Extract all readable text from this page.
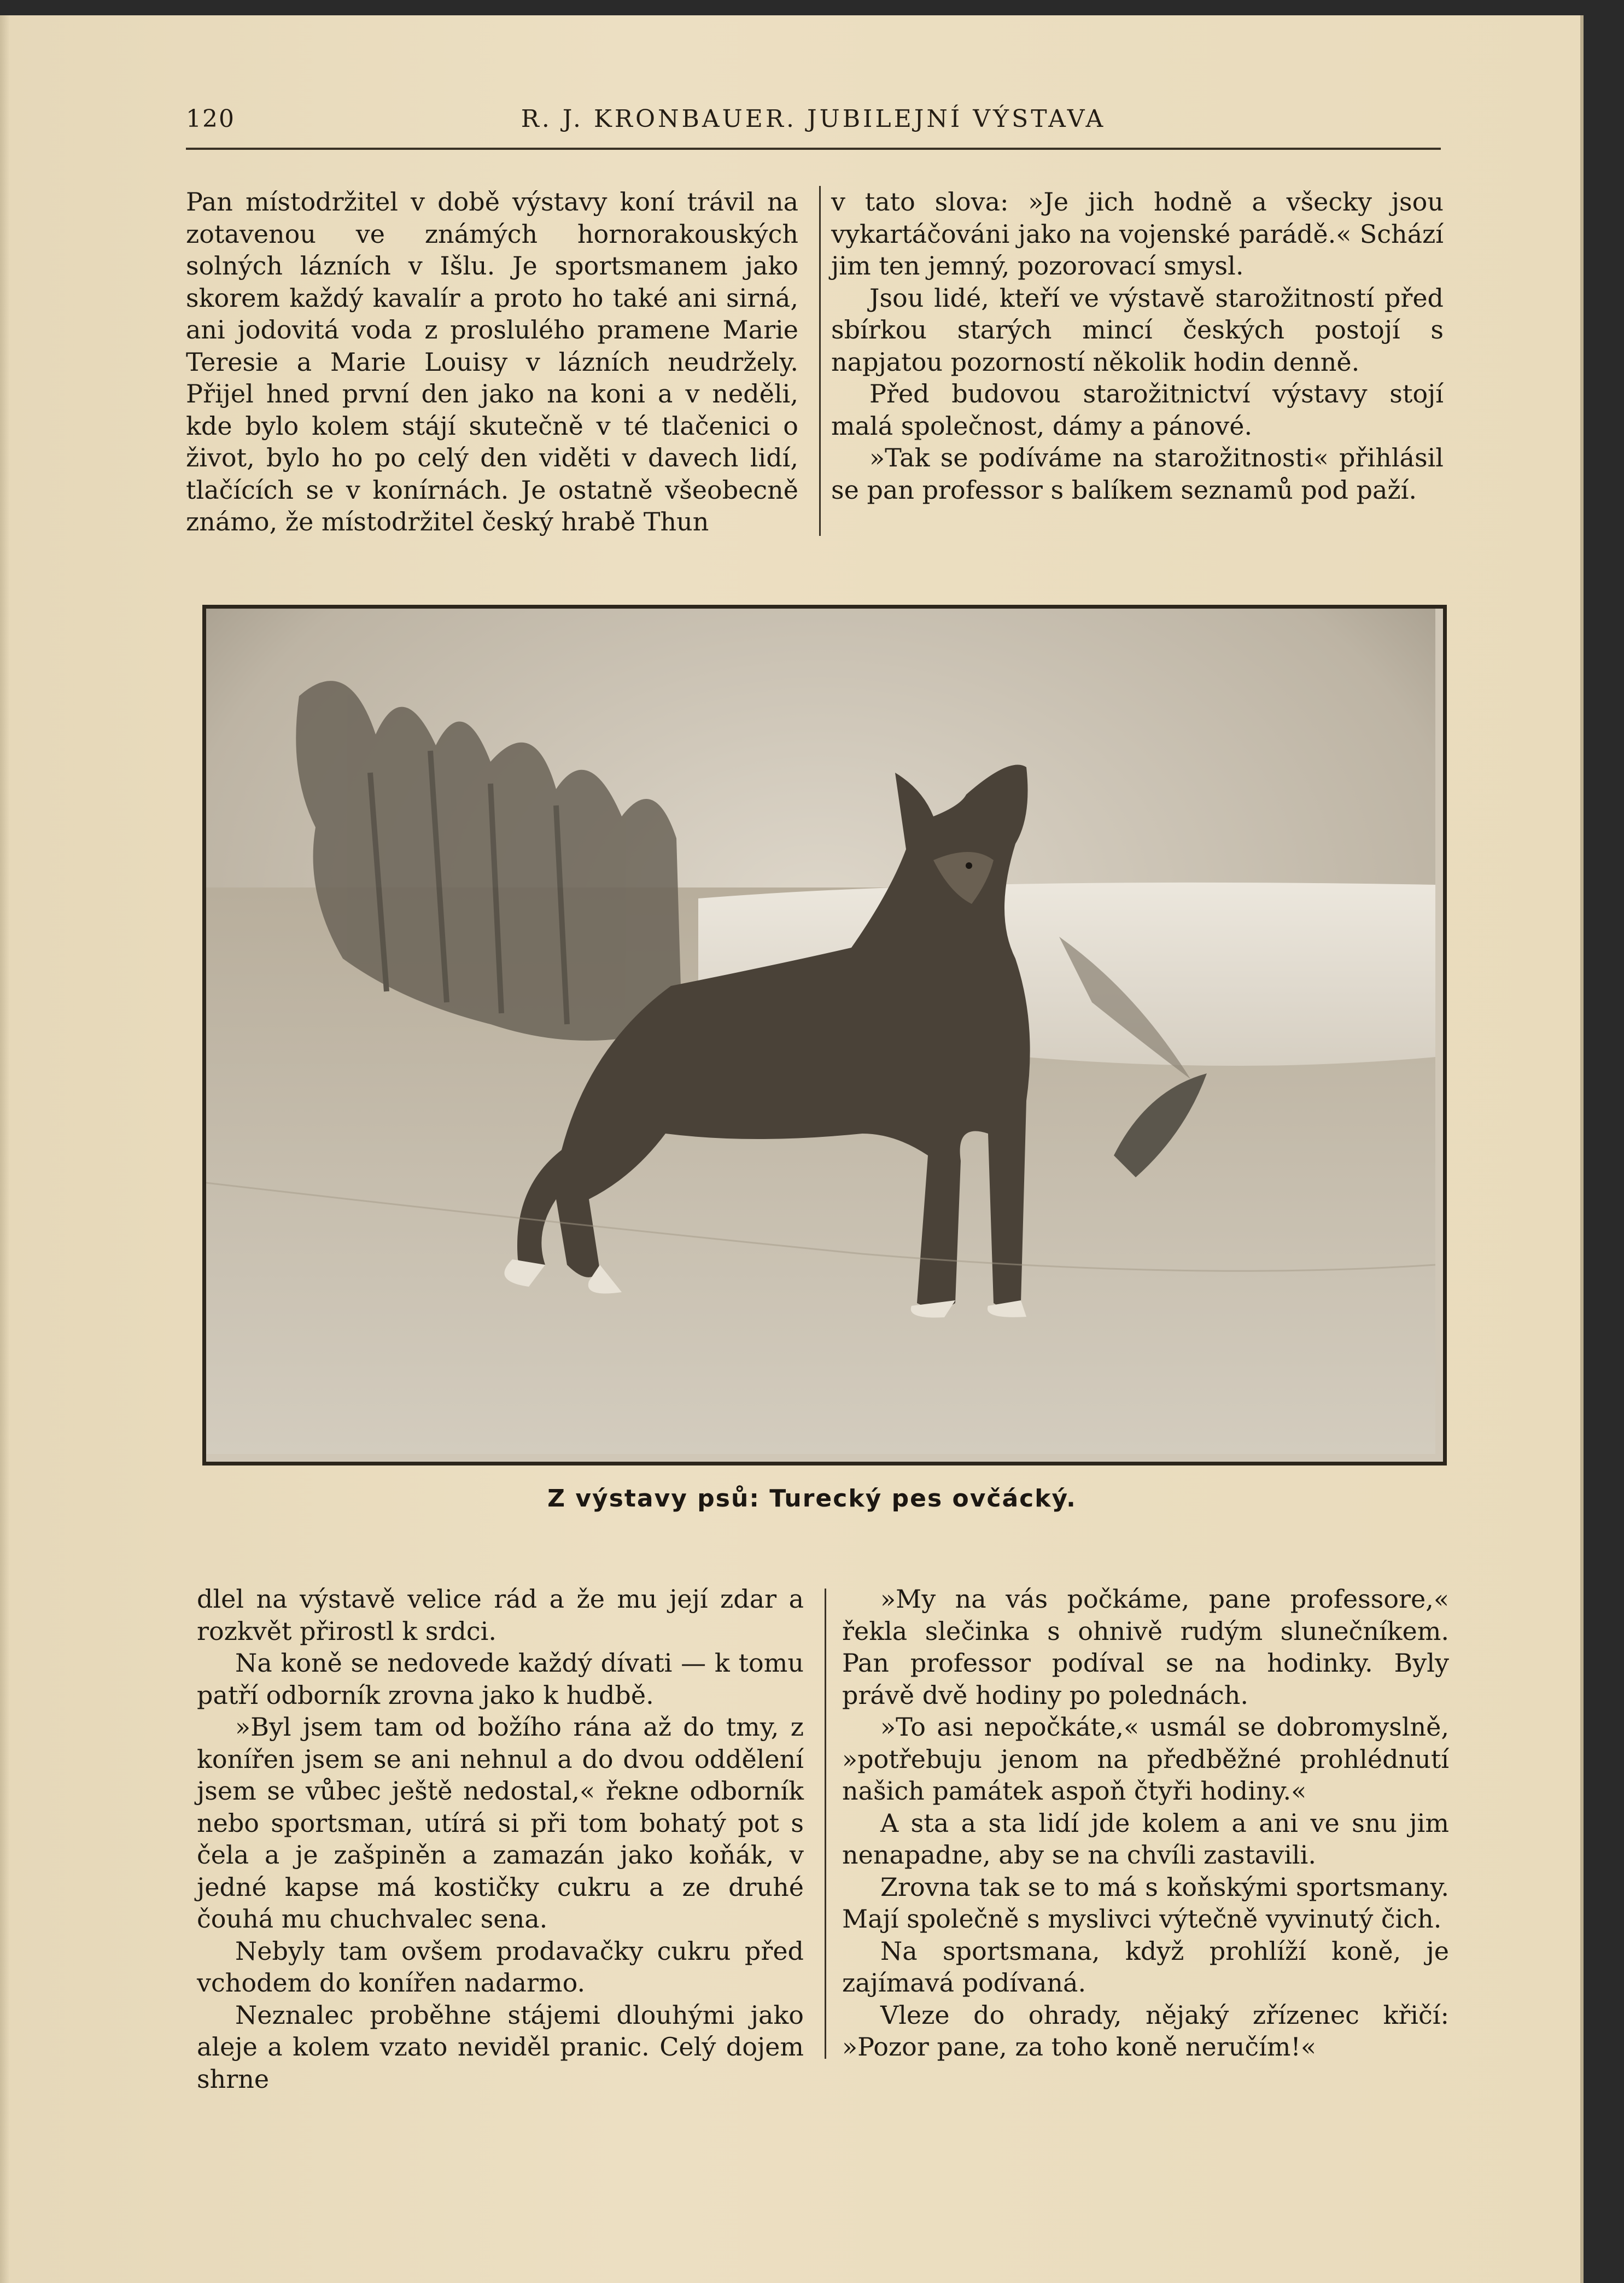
120	R. J. KRONBAUER. JUBILEJNÍ VÝSTAVA

Pan místodržitel v době výstavy koní trávil na zotavenou ve známých hornorakouských solných lázních v Išlu. Je sportsmanem jako skorem každý kavalír a proto ho také ani sirná, ani jodovitá voda z proslulého pramene Marie Teresie a Marie Louisy v lázních neudržely. Přijel hned první den jako na koni a v neděli, kde bylo kolem stájí skutečně v té tlačenici o život, bylo ho po celý den viděti v davech lidí, tlačících se v konírnách. Je ostatně všeobecně známo, že místodržitel český hrabě Thun

v tato slova: »Je jich hodně a všecky jsou vykartáčováni jako na vojenské parádě.« Schází jim ten jemný, pozorovací smysl.

Jsou lidé, kteří ve výstavě starožitností před sbírkou starých mincí českých postojí s napjatou pozorností několik hodin denně.

Před budovou starožitnictví výstavy stojí malá společnost, dámy a pánové.

»Tak se podíváme na starožitnosti« přihlásil se pan professor s balíkem seznamů pod paží.

Z výstavy psů: Turecký pes ovčácký.

dlel na výstavě velice rád a že mu její zdar a rozkvět přirostl k srdci.

Na koně se nedovede každý dívati — k tomu patří odborník zrovna jako k hudbě.

»Byl jsem tam od božího rána až do tmy, z konířen jsem se ani nehnul a do dvou oddělení jsem se vůbec ještě nedostal,« řekne odborník nebo sportsman, utírá si při tom bohatý pot s čela a je zašpiněn a zamazán jako koňák, v jedné kapse má kostičky cukru a ze druhé čouhá mu chuchvalec sena.

Nebyly tam ovšem prodavačky cukru před vchodem do konířen nadarmo.

Neznalec proběhne stájemi dlouhými jako aleje a kolem vzato neviděl pranic. Celý dojem shrne

»My na vás počkáme, pane professore,« řekla slečinka s ohnivě rudým slunečníkem. Pan professor podíval se na hodinky. Byly právě dvě hodiny po polednách.

»To asi nepočkáte,« usmál se dobromyslně, »potřebuju jenom na předběžné prohlédnutí našich památek aspoň čtyři hodiny.«

A sta a sta lidí jde kolem a ani ve snu jim nenapadne, aby se na chvíli zastavili.

Zrovna tak se to má s koňskými sportsmany. Mají společně s myslivci výtečně vyvinutý čich.

Na sportsmana, když prohlíží koně, je zajímavá podívaná.

Vleze do ohrady, nějaký zřízenec křičí: »Pozor pane, za toho koně neručím!«
